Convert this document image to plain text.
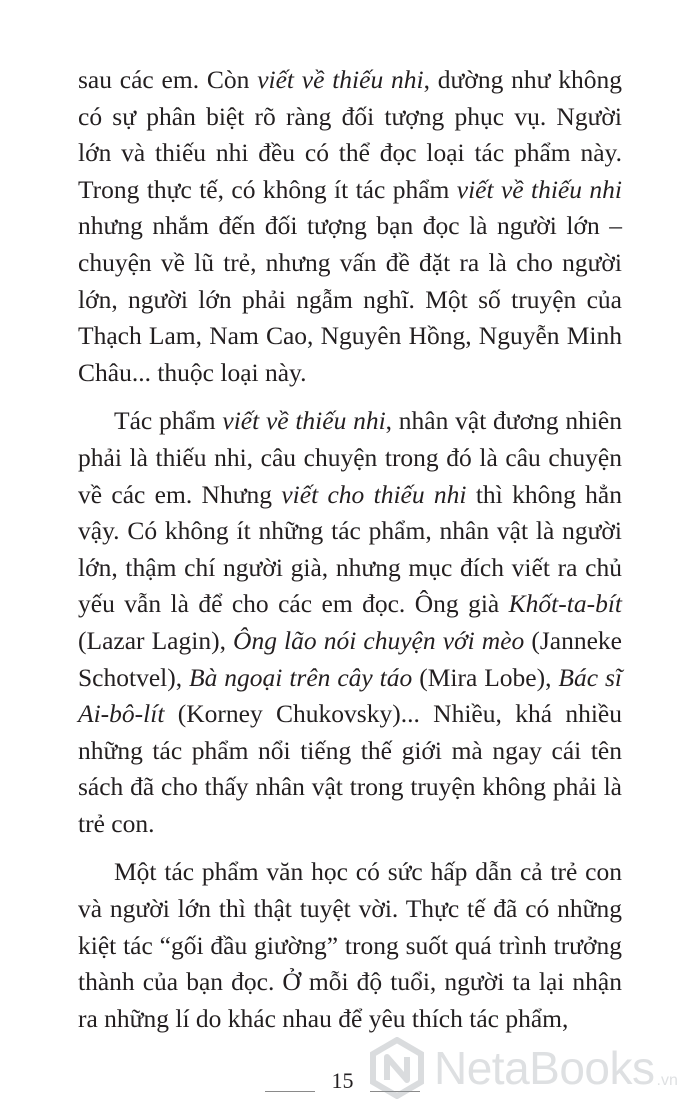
sau các em. Còn viết về thiếu nhi, dường như không có sự phân biệt rõ ràng đối tượng phục vụ. Người lớn và thiếu nhi đều có thể đọc loại tác phẩm này. Trong thực tế, có không ít tác phẩm viết về thiếu nhi nhưng nhắm đến đối tượng bạn đọc là người lớn – chuyện về lũ trẻ, nhưng vấn đề đặt ra là cho người lớn, người lớn phải ngẫm nghĩ. Một số truyện của Thạch Lam, Nam Cao, Nguyên Hồng, Nguyễn Minh Châu... thuộc loại này.

Tác phẩm viết về thiếu nhi, nhân vật đương nhiên phải là thiếu nhi, câu chuyện trong đó là câu chuyện về các em. Nhưng viết cho thiếu nhi thì không hẳn vậy. Có không ít những tác phẩm, nhân vật là người lớn, thậm chí người già, nhưng mục đích viết ra chủ yếu vẫn là để cho các em đọc. Ông già Khốt-ta-bít (Lazar Lagin), Ông lão nói chuyện với mèo (Janneke Schotvel), Bà ngoại trên cây táo (Mira Lobe), Bác sĩ Ai-bô-lít (Korney Chukovsky)... Nhiều, khá nhiều những tác phẩm nổi tiếng thế giới mà ngay cái tên sách đã cho thấy nhân vật trong truyện không phải là trẻ con.

Một tác phẩm văn học có sức hấp dẫn cả trẻ con và người lớn thì thật tuyệt vời. Thực tế đã có những kiệt tác “gối đầu giường” trong suốt quá trình trưởng thành của bạn đọc. Ở mỗi độ tuổi, người ta lại nhận ra những lí do khác nhau để yêu thích tác phẩm,

15	NetaBooks .vn
